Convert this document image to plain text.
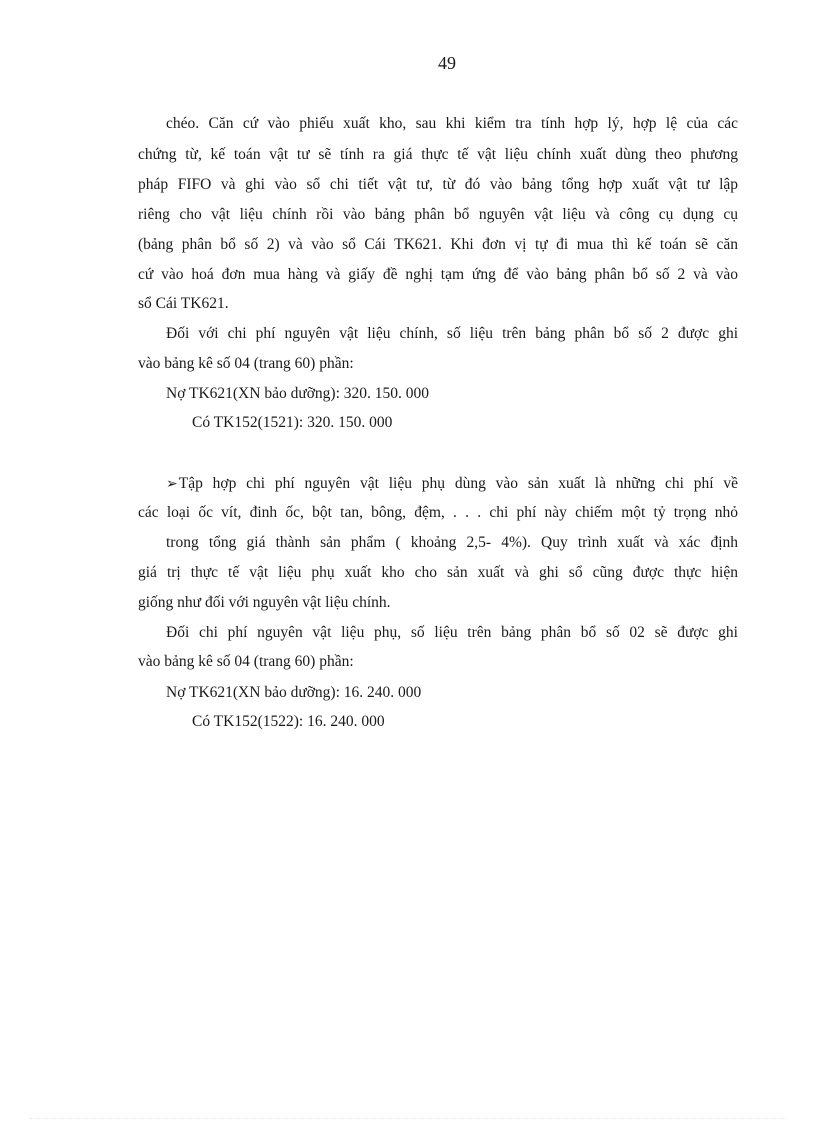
49
chéo. Căn cứ vào phiếu xuất kho, sau khi kiểm tra tính hợp lý, hợp lệ của các
chứng từ, kế toán vật tư sẽ tính ra giá thực tế vật liệu chính xuất dùng theo phương
pháp FIFO và ghi vào sổ chi tiết vật tư, từ đó vào bảng tổng hợp xuất vật tư lập
riêng cho vật liệu chính rồi vào bảng phân bổ nguyên vật liệu và công cụ dụng cụ
(bảng phân bổ số 2) và vào sổ Cái TK621. Khi đơn vị tự đi mua thì kế toán sẽ căn
cứ vào hoá đơn mua hàng và giấy đề nghị tạm ứng để vào bảng phân bổ số 2 và vào
sổ Cái TK621.
Đối với chi phí nguyên vật liệu chính, số liệu trên bảng phân bổ số 2 được ghi
vào bảng kê số 04 (trang 60) phần:
Nợ TK621(XN bảo dưỡng): 320. 150. 000
Có TK152(1521): 320. 150. 000
➢Tập hợp chi phí nguyên vật liệu phụ dùng vào sản xuất là những chi phí về
các loại ốc vít, đinh ốc, bột tan, bông, đệm, . . . chi phí này chiếm một tỷ trọng nhỏ
trong tổng giá thành sản phẩm ( khoảng 2,5- 4%). Quy trình xuất và xác định
giá trị thực tế vật liệu phụ xuất kho cho sản xuất và ghi sổ cũng được thực hiện
giống như đối với nguyên vật liệu chính.
Đối chi phí nguyên vật liệu phụ, số liệu trên bảng phân bổ số 02 sẽ được ghi
vào bảng kê số 04 (trang 60) phần:
Nợ TK621(XN bảo dưỡng): 16. 240. 000
Có TK152(1522): 16. 240. 000
